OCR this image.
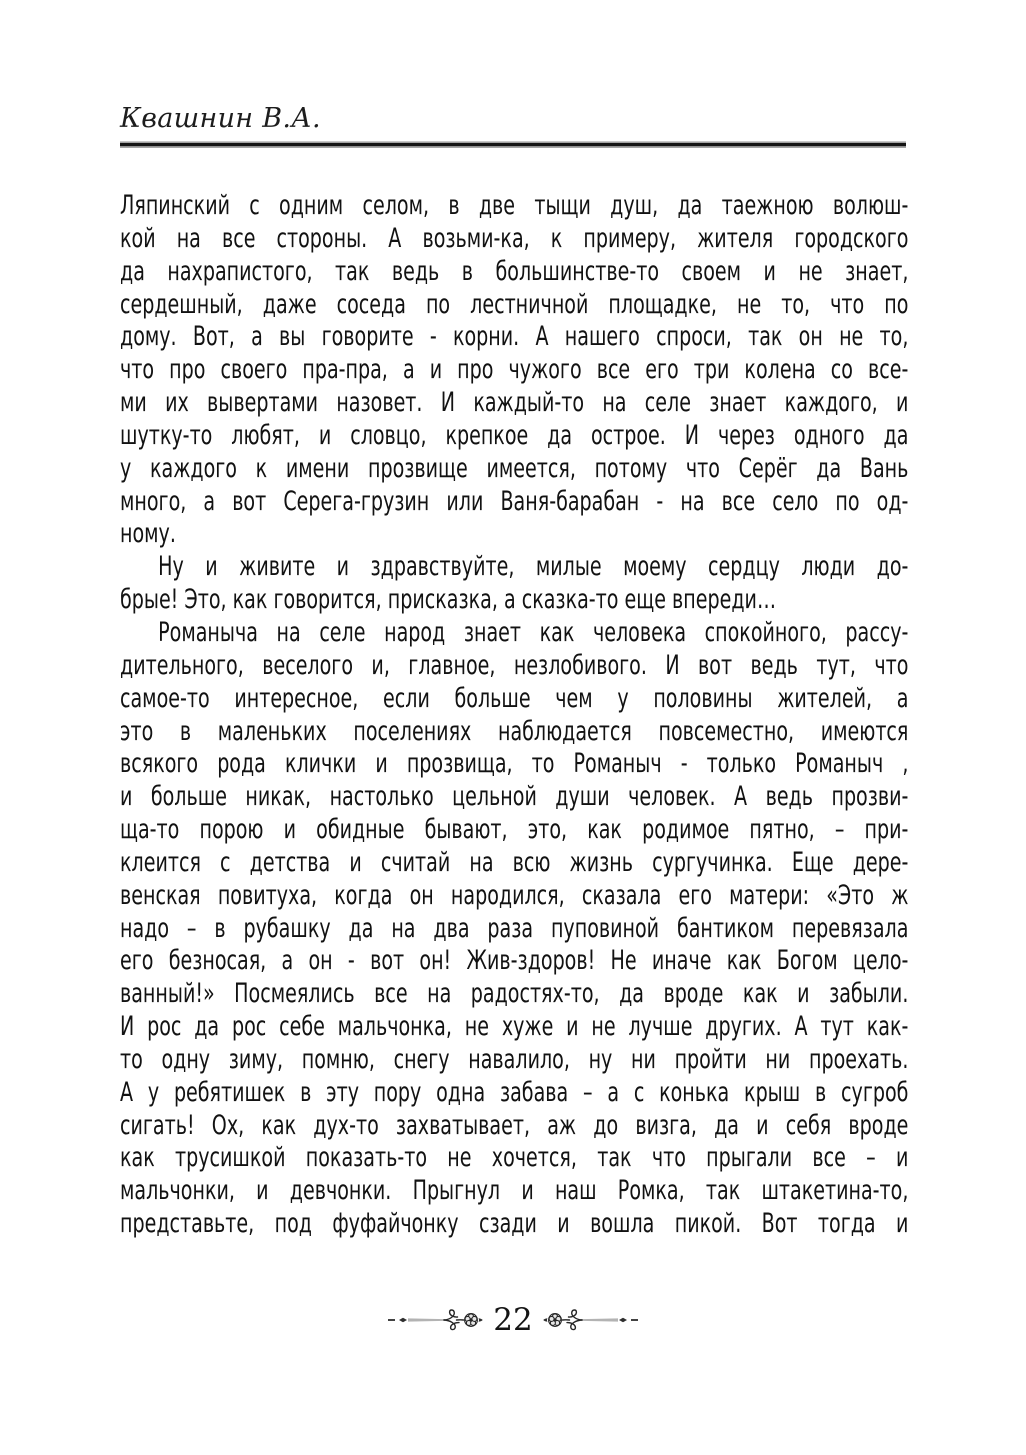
Квашнин В.А.
Ляпинский с одним селом, в две тыщи душ, да таежною волюш-
кой на все стороны. А возьми-ка, к примеру, жителя городского
да нахрапистого, так ведь в большинстве-то своем и не знает,
сердешный, даже соседа по лестничной площадке, не то, что по
дому. Вот, а вы говорите - корни. А нашего спроси, так он не то,
что про своего пра-пра, а и про чужого все его три колена со все-
ми их вывертами назовет. И каждый-то на селе знает каждого, и
шутку-то любят, и словцо, крепкое да острое. И через одного да
у каждого к имени прозвище имеется, потому что Серёг да Вань
много, а вот Серега-грузин или Ваня-барабан - на все село по од-
ному.
Ну и живите и здравствуйте, милые моему сердцу люди до-
брые! Это, как говорится, присказка, а сказка-то еще впереди…
Романыча на селе народ знает как человека спокойного, рассу-
дительного, веселого и, главное, незлобивого. И вот ведь тут, что
самое-то интересное, если больше чем у половины жителей, а
это в маленьких поселениях наблюдается повсеместно, имеются
всякого рода клички и прозвища, то Романыч - только Романыч ,
и больше никак, настолько цельной души человек. А ведь прозви-
ща-то порою и обидные бывают, это, как родимое пятно, – при-
клеится с детства и считай на всю жизнь сургучинка. Еще дере-
венская повитуха, когда он народился, сказала его матери: «Это ж
надо – в рубашку да на два раза пуповиной бантиком перевязала
его безносая, а он - вот он! Жив-здоров! Не иначе как Богом цело-
ванный!» Посмеялись все на радостях-то, да вроде как и забыли.
И рос да рос себе мальчонка, не хуже и не лучше других. А тут как-
то одну зиму, помню, снегу навалило, ну ни пройти ни проехать.
А у ребятишек в эту пору одна забава – а с конька крыш в сугроб
сигать! Ох, как дух-то захватывает, аж до визга, да и себя вроде
как трусишкой показать-то не хочется, так что прыгали все – и
мальчонки, и девчонки. Прыгнул и наш Ромка, так штакетина-то,
представьте, под фуфайчонку сзади и вошла пикой. Вот тогда и
22
